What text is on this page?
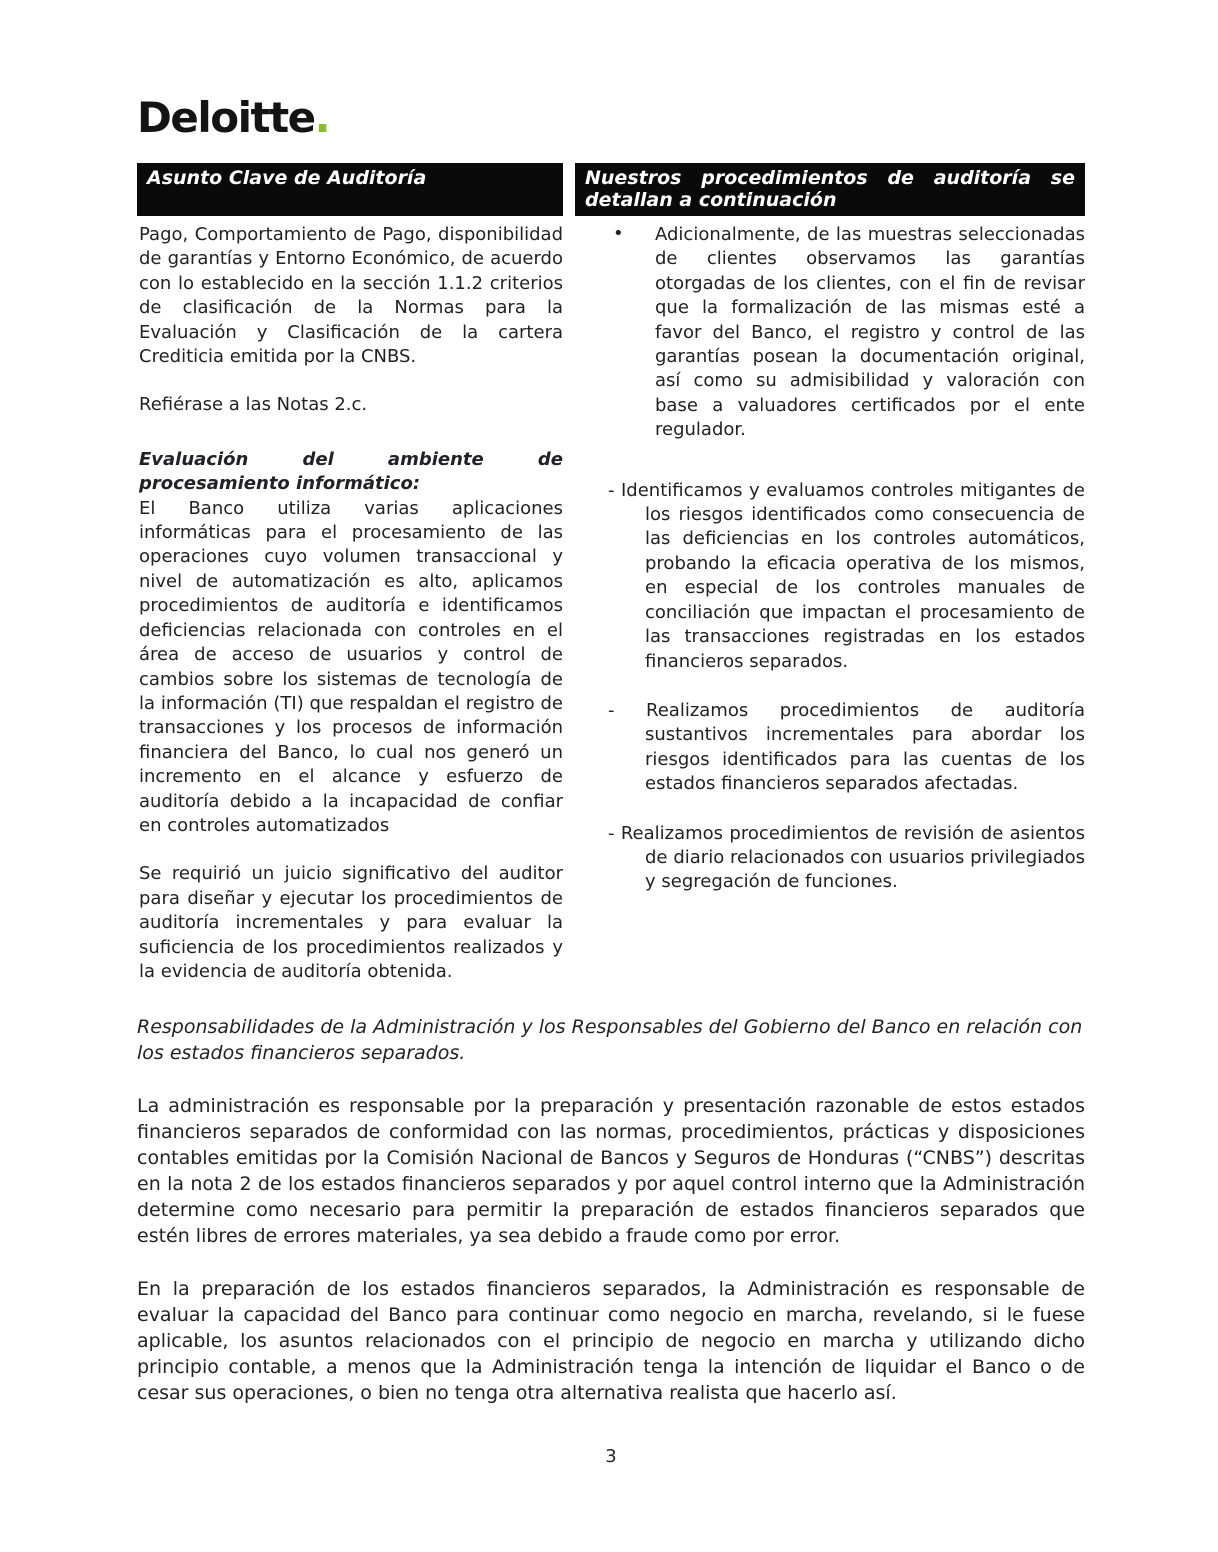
Deloitte.
Asunto Clave de Auditoría	Nuestros procedimientos de auditoría se detallan a continuación

Pago, Comportamiento de Pago, disponibilidad de garantías y Entorno Económico, de acuerdo con lo establecido en la sección 1.1.2 criterios de clasificación de la Normas para la Evaluación y Clasificación de la cartera Crediticia emitida por la CNBS.

Refiérase a las Notas 2.c.

Evaluación del ambiente de procesamiento informático:

El Banco utiliza varias aplicaciones informáticas para el procesamiento de las operaciones cuyo volumen transaccional y nivel de automatización es alto, aplicamos procedimientos de auditoría e identificamos deficiencias relacionada con controles en el área de acceso de usuarios y control de cambios sobre los sistemas de tecnología de la información (TI) que respaldan el registro de transacciones y los procesos de información financiera del Banco, lo cual nos generó un incremento en el alcance y esfuerzo de auditoría debido a la incapacidad de confiar en controles automatizados

Se requirió un juicio significativo del auditor para diseñar y ejecutar los procedimientos de auditoría incrementales y para evaluar la suficiencia de los procedimientos realizados y la evidencia de auditoría obtenida.

• Adicionalmente, de las muestras seleccionadas de clientes observamos las garantías otorgadas de los clientes, con el fin de revisar que la formalización de las mismas esté a favor del Banco, el registro y control de las garantías posean la documentación original, así como su admisibilidad y valoración con base a valuadores certificados por el ente regulador.

- Identificamos y evaluamos controles mitigantes de los riesgos identificados como consecuencia de las deficiencias en los controles automáticos, probando la eficacia operativa de los mismos, en especial de los controles manuales de conciliación que impactan el procesamiento de las transacciones registradas en los estados financieros separados.

- Realizamos procedimientos de auditoría sustantivos incrementales para abordar los riesgos identificados para las cuentas de los estados financieros separados afectadas.

- Realizamos procedimientos de revisión de asientos de diario relacionados con usuarios privilegiados y segregación de funciones.

Responsabilidades de la Administración y los Responsables del Gobierno del Banco en relación con los estados financieros separados.

La administración es responsable por la preparación y presentación razonable de estos estados financieros separados de conformidad con las normas, procedimientos, prácticas y disposiciones contables emitidas por la Comisión Nacional de Bancos y Seguros de Honduras (“CNBS”) descritas en la nota 2 de los estados financieros separados y por aquel control interno que la Administración determine como necesario para permitir la preparación de estados financieros separados que estén libres de errores materiales, ya sea debido a fraude como por error.

En la preparación de los estados financieros separados, la Administración es responsable de evaluar la capacidad del Banco para continuar como negocio en marcha, revelando, si le fuese aplicable, los asuntos relacionados con el principio de negocio en marcha y utilizando dicho principio contable, a menos que la Administración tenga la intención de liquidar el Banco o de cesar sus operaciones, o bien no tenga otra alternativa realista que hacerlo así.

3
